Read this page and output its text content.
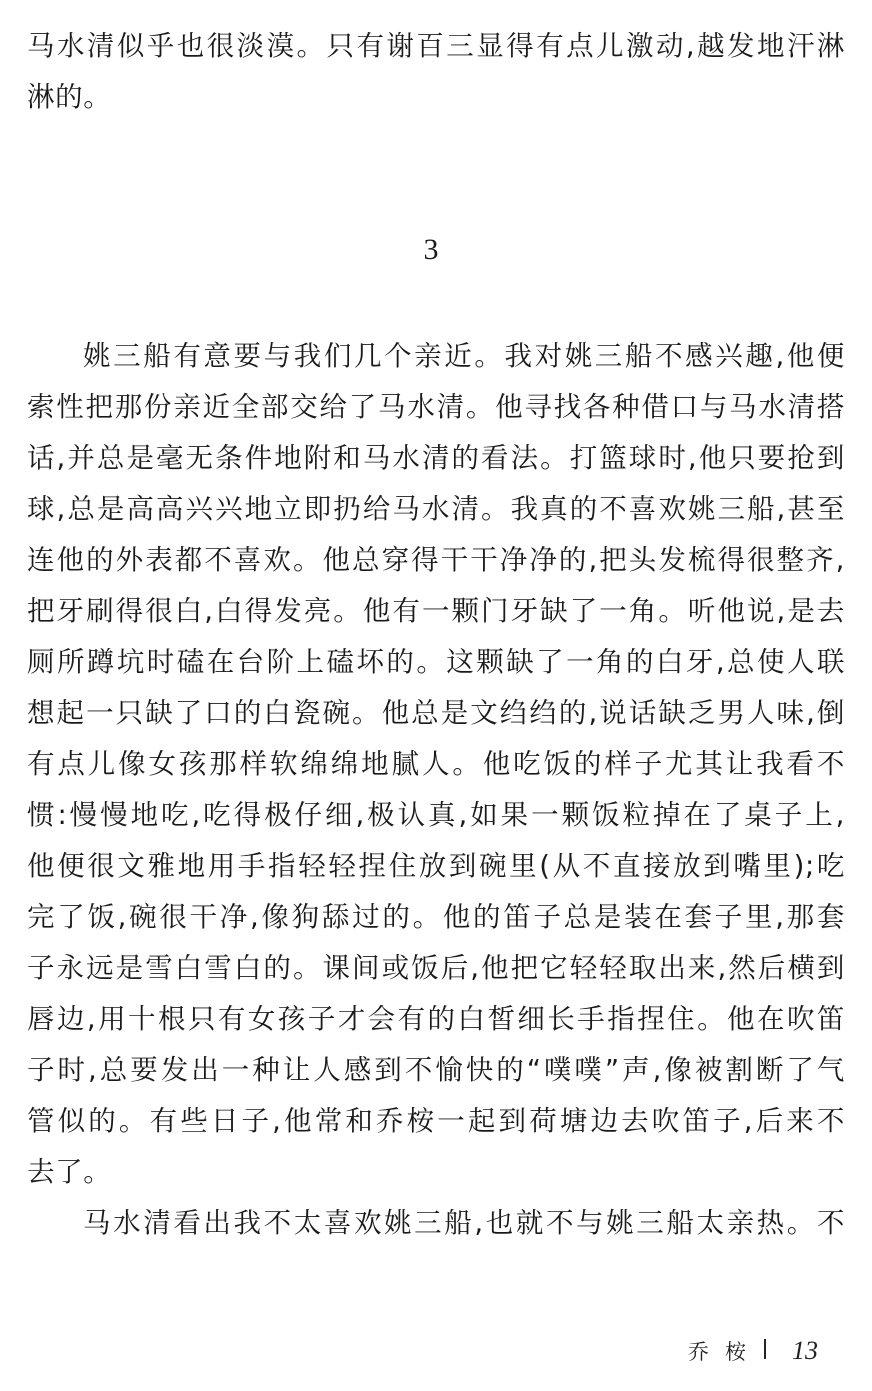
马水清似乎也很淡漠。只有谢百三显得有点儿激动,越发地汗淋
淋的。
3
姚三船有意要与我们几个亲近。我对姚三船不感兴趣,他便
索性把那份亲近全部交给了马水清。他寻找各种借口与马水清搭
话,并总是毫无条件地附和马水清的看法。打篮球时,他只要抢到
球,总是高高兴兴地立即扔给马水清。我真的不喜欢姚三船,甚至
连他的外表都不喜欢。他总穿得干干净净的,把头发梳得很整齐,
把牙刷得很白,白得发亮。他有一颗门牙缺了一角。听他说,是去
厕所蹲坑时磕在台阶上磕坏的。这颗缺了一角的白牙,总使人联
想起一只缺了口的白瓷碗。他总是文绉绉的,说话缺乏男人味,倒
有点儿像女孩那样软绵绵地腻人。他吃饭的样子尤其让我看不
惯:慢慢地吃,吃得极仔细,极认真,如果一颗饭粒掉在了桌子上,
他便很文雅地用手指轻轻捏住放到碗里(从不直接放到嘴里);吃
完了饭,碗很干净,像狗舔过的。他的笛子总是装在套子里,那套
子永远是雪白雪白的。课间或饭后,他把它轻轻取出来,然后横到
唇边,用十根只有女孩子才会有的白皙细长手指捏住。他在吹笛
子时,总要发出一种让人感到不愉快的“噗噗”声,像被割断了气
管似的。有些日子,他常和乔桉一起到荷塘边去吹笛子,后来不
去了。
马水清看出我不太喜欢姚三船,也就不与姚三船太亲热。不
乔桉 13
